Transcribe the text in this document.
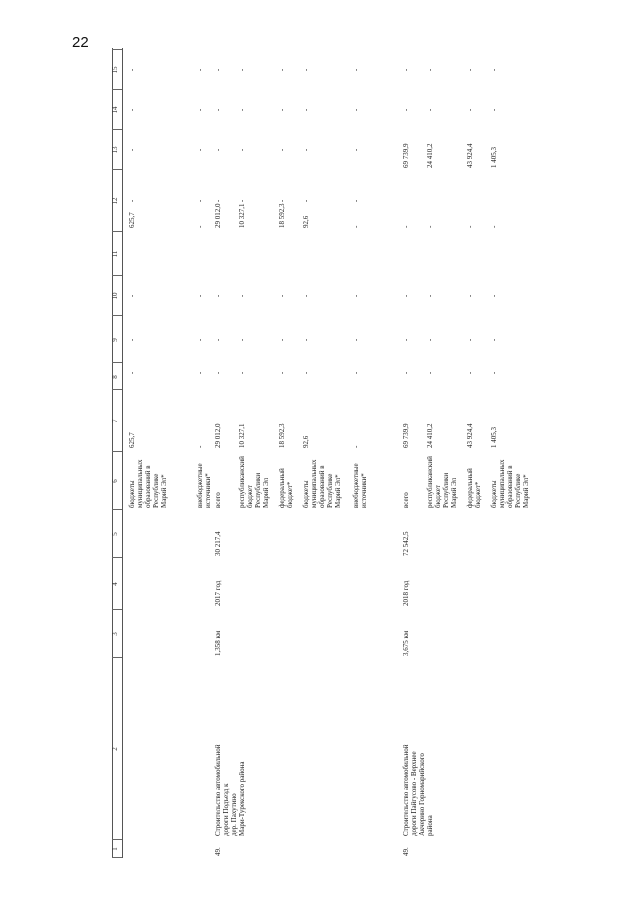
22
1
2
3
4
5
6
7
8
9
10
11
12
13
14
15
бюджеты
муниципальных
образований в
Республике
Марий Эл*
625,7
625,7
-
-
-
-
-
-
-
внебюджетные
источники*
-
-
-
-
-
-
-
-
-
49.
Строительство автомобильной
дороги Подъезд к
дер. Пахутино
Мари-Турекского района
1,358 км
2017 год
30 217,4
всего
29 012,0
29 012,0
-
-
-
-
-
-
-
республиканский
бюджет
Республики
Марий Эл
10 327,1
10 327,1
-
-
-
-
-
-
-
федеральный
бюджет*
18 592,3
18 592,3
-
-
-
-
-
-
-
бюджеты
муниципальных
образований в
Республике
Марий Эл*
92,6
92,6
-
-
-
-
-
-
-
внебюджетные
источники*
-
-
-
-
-
-
-
-
-
49.
Строительство автомобильной
дороги Пайгусово - Верхнее
Акчерино Горномарийского
района
3,675 км
2018 год
72 542,5
всего
69 739,9
-
69 739,9
-
-
-
-
-
республиканский
бюджет
Республики
Марий Эл
24 410,2
-
24 410,2
-
-
-
-
-
федеральный
бюджет*
43 924,4
-
43 924,4
-
-
-
-
-
бюджеты
муниципальных
образований в
Республике
Марий Эл*
1 405,3
-
1 405,3
-
-
-
-
-
